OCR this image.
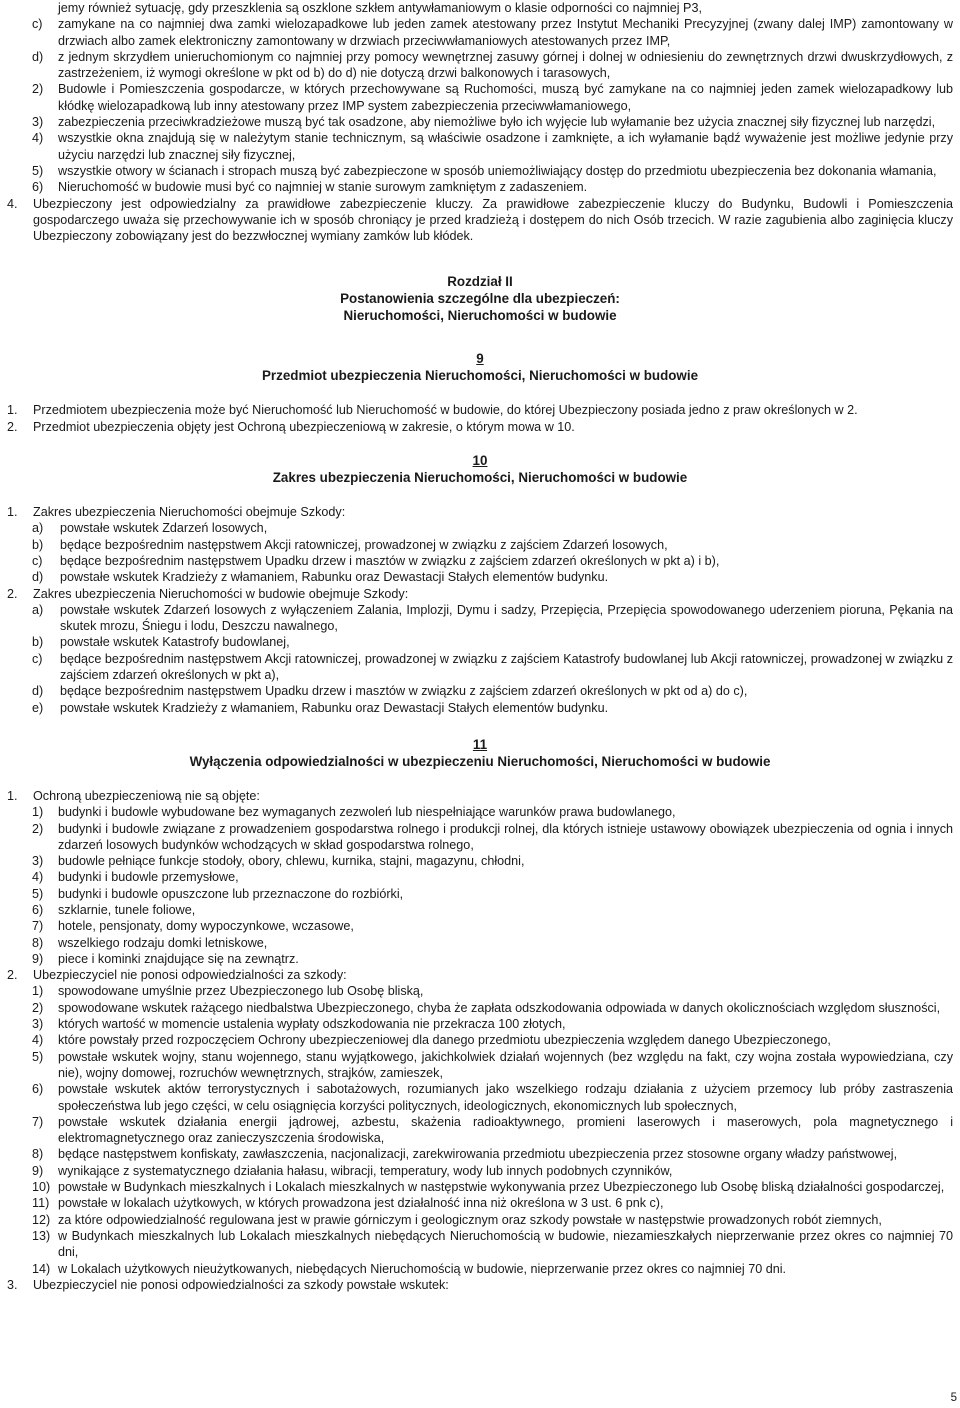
jemy również sytuację, gdy przeszklenia są oszklone szkłem antywłamaniowym o klasie odporności co najmniej P3,
c) zamykane na co najmniej dwa zamki wielozapadkowe lub jeden zamek atestowany przez Instytut Mechaniki Precyzyjnej (zwany dalej IMP) zamontowany w drzwiach albo zamek elektroniczny zamontowany w drzwiach przeciwwłamaniowych atestowanych przez IMP,
d) z jednym skrzydłem unieruchomionym co najmniej przy pomocy wewnętrznej zasuwy górnej i dolnej w odniesieniu do zewnętrznych drzwi dwuskrzydłowych, z zastrzeżeniem, iż wymogi określone w pkt od b) do d) nie dotyczą drzwi balkonowych i tarasowych,
2) Budowle i Pomieszczenia gospodarcze, w których przechowywane są Ruchomości, muszą być zamykane na co najmniej jeden zamek wielozapadkowy lub kłódkę wielozapadkową lub inny atestowany przez IMP system zabezpieczenia przeciwwłamaniowego,
3) zabezpieczenia przeciwkradzieżowe muszą być tak osadzone, aby niemożliwe było ich wyjęcie lub wyłamanie bez użycia znacznej siły fizycznej lub narzędzi,
4) wszystkie okna znajdują się w należytym stanie technicznym, są właściwie osadzone i zamknięte, a ich wyłamanie bądź wyważenie jest możliwe jedynie przy użyciu narzędzi lub znacznej siły fizycznej,
5) wszystkie otwory w ścianach i stropach muszą być zabezpieczone w sposób uniemożliwiający dostęp do przedmiotu ubezpieczenia bez dokonania włamania,
6) Nieruchomość w budowie musi być co najmniej w stanie surowym zamkniętym z zadaszeniem.
4. Ubezpieczony jest odpowiedzialny za prawidłowe zabezpieczenie kluczy. Za prawidłowe zabezpieczenie kluczy do Budynku, Budowli i Pomieszczenia gospodarczego uważa się przechowywanie ich w sposób chroniący je przed kradzieżą i dostępem do nich Osób trzecich. W razie zagubienia albo zaginięcia kluczy Ubezpieczony zobowiązany jest do bezzwłocznej wymiany zamków lub kłódek.
Rozdział II
Postanowienia szczególne dla ubezpieczeń:
Nieruchomości, Nieruchomości w budowie
9
Przedmiot ubezpieczenia Nieruchomości, Nieruchomości w budowie
1. Przedmiotem ubezpieczenia może być Nieruchomość lub Nieruchomość w budowie, do której Ubezpieczony posiada jedno z praw określonych w 2.
2. Przedmiot ubezpieczenia objęty jest Ochroną ubezpieczeniową w zakresie, o którym mowa w 10.
10
Zakres ubezpieczenia Nieruchomości, Nieruchomości w budowie
1. Zakres ubezpieczenia Nieruchomości obejmuje Szkody:
a) powstałe wskutek Zdarzeń losowych,
b) będące bezpośrednim następstwem Akcji ratowniczej, prowadzonej w związku z zajściem Zdarzeń losowych,
c) będące bezpośrednim następstwem Upadku drzew i masztów w związku z zajściem zdarzeń określonych w pkt a) i b),
d) powstałe wskutek Kradzieży z włamaniem, Rabunku oraz Dewastacji Stałych elementów budynku.
2. Zakres ubezpieczenia Nieruchomości w budowie obejmuje Szkody:
a) powstałe wskutek Zdarzeń losowych z wyłączeniem Zalania, Implozji, Dymu i sadzy, Przepięcia, Przepięcia spowodowanego uderzeniem pioruna, Pękania na skutek mrozu, Śniegu i lodu, Deszczu nawalnego,
b) powstałe wskutek Katastrofy budowlanej,
c) będące bezpośrednim następstwem Akcji ratowniczej, prowadzonej w związku z zajściem Katastrofy budowlanej lub Akcji ratowniczej, prowadzonej w związku z zajściem zdarzeń określonych w pkt a),
d) będące bezpośrednim następstwem Upadku drzew i masztów w związku z zajściem zdarzeń określonych w pkt od a) do c),
e) powstałe wskutek Kradzieży z włamaniem, Rabunku oraz Dewastacji Stałych elementów budynku.
11
Wyłączenia odpowiedzialności w ubezpieczeniu Nieruchomości, Nieruchomości w budowie
1. Ochroną ubezpieczeniową nie są objęte:
1) budynki i budowle wybudowane bez wymaganych zezwoleń lub niespełniające warunków prawa budowlanego,
2) budynki i budowle związane z prowadzeniem gospodarstwa rolnego i produkcji rolnej, dla których istnieje ustawowy obowiązek ubezpieczenia od ognia i innych zdarzeń losowych budynków wchodzących w skład gospodarstwa rolnego,
3) budowle pełniące funkcje stodoły, obory, chlewu, kurnika, stajni, magazynu, chłodni,
4) budynki i budowle przemysłowe,
5) budynki i budowle opuszczone lub przeznaczone do rozbiórki,
6) szklarnie, tunele foliowe,
7) hotele, pensjonaty, domy wypoczynkowe, wczasowe,
8) wszelkiego rodzaju domki letniskowe,
9) piece i kominki znajdujące się na zewnątrz.
2. Ubezpieczyciel nie ponosi odpowiedzialności za szkody:
1) spowodowane umyślnie przez Ubezpieczonego lub Osobę bliską,
2) spowodowane wskutek rażącego niedbalstwa Ubezpieczonego, chyba że zapłata odszkodowania odpowiada w danych okolicznościach względom słuszności,
3) których wartość w momencie ustalenia wypłaty odszkodowania nie przekracza 100 złotych,
4) które powstały przed rozpoczęciem Ochrony ubezpieczeniowej dla danego przedmiotu ubezpieczenia względem danego Ubezpieczonego,
5) powstałe wskutek wojny, stanu wojennego, stanu wyjątkowego, jakichkolwiek działań wojennych (bez względu na fakt, czy wojna została wypowiedziana, czy nie), wojny domowej, rozruchów wewnętrznych, strajków, zamieszek,
6) powstałe wskutek aktów terrorystycznych i sabotażowych, rozumianych jako wszelkiego rodzaju działania z użyciem przemocy lub próby zastraszenia społeczeństwa lub jego części, w celu osiągnięcia korzyści politycznych, ideologicznych, ekonomicznych lub społecznych,
7) powstałe wskutek działania energii jądrowej, azbestu, skażenia radioaktywnego, promieni laserowych i maserowych, pola magnetycznego i elektromagnetycznego oraz zanieczyszczenia środowiska,
8) będące następstwem konfiskaty, zawłaszczenia, nacjonalizacji, zarekwirowania przedmiotu ubezpieczenia przez stosowne organy władzy państwowej,
9) wynikające z systematycznego działania hałasu, wibracji, temperatury, wody lub innych podobnych czynników,
10) powstałe w Budynkach mieszkalnych i Lokalach mieszkalnych w następstwie wykonywania przez Ubezpieczonego lub Osobę bliską działalności gospodarczej,
11) powstałe w lokalach użytkowych, w których prowadzona jest działalność inna niż określona w 3 ust. 6 pnk c),
12) za które odpowiedzialność regulowana jest w prawie górniczym i geologicznym oraz szkody powstałe w następstwie prowadzonych robót ziemnych,
13) w Budynkach mieszkalnych lub Lokalach mieszkalnych niebędących Nieruchomością w budowie, niezamieszkałych nieprzerwanie przez okres co najmniej 70 dni,
14) w Lokalach użytkowych nieużytkowanych, niebędących Nieruchomością w budowie, nieprzerwanie przez okres co najmniej 70 dni.
3. Ubezpieczyciel nie ponosi odpowiedzialności za szkody powstałe wskutek:
5
